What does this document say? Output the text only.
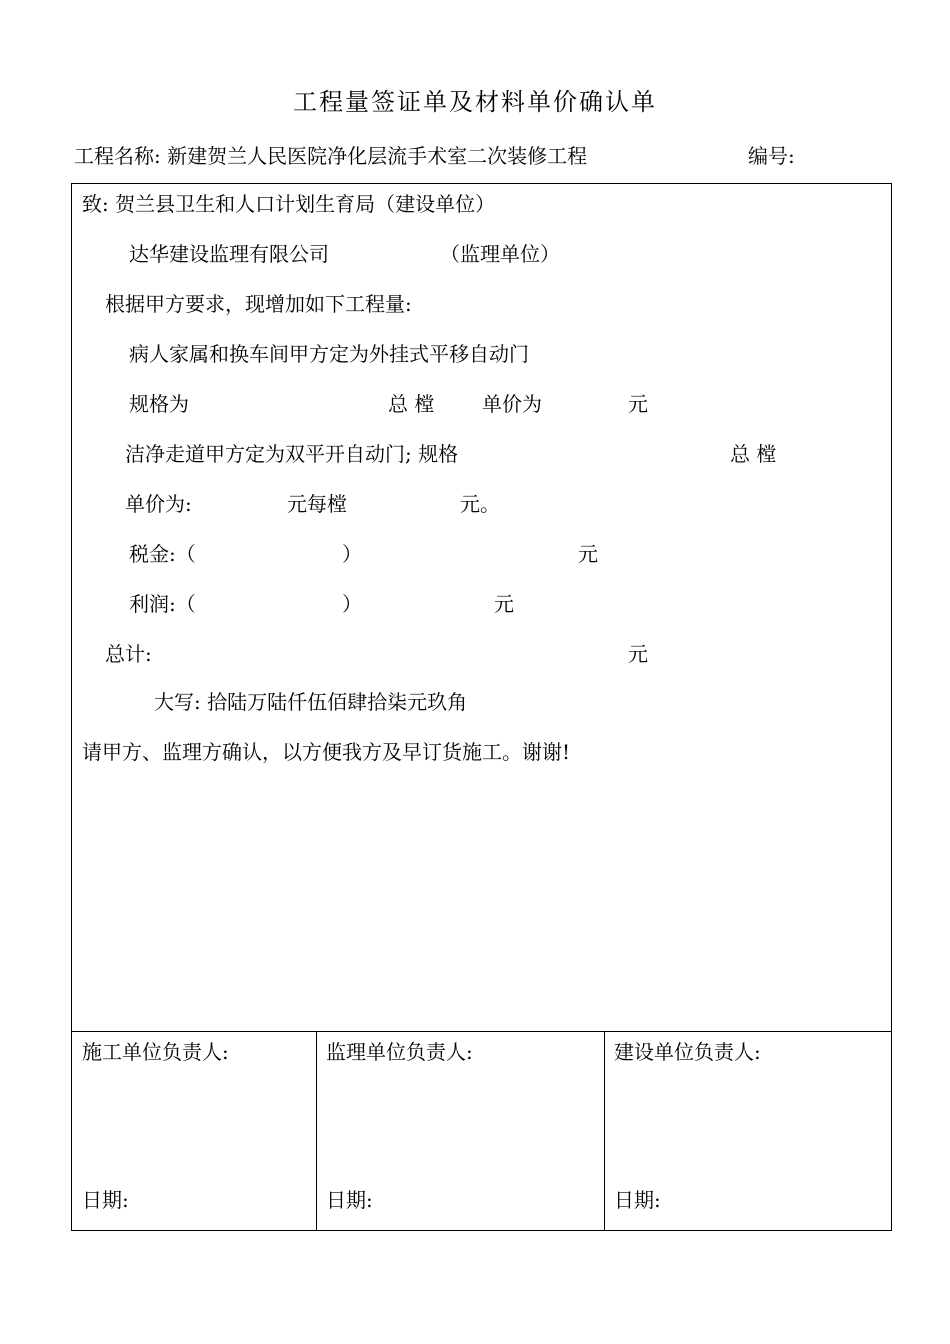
工程量签证单及材料单价确认单
工程名称: 新建贺兰人民医院净化层流手术室二次装修工程	编号:
致: 贺兰县卫生和人口计划生育局（建设单位）
达华建设监理有限公司	（监理单位）
根据甲方要求，现增加如下工程量:
病人家属和换车间甲方定为外挂式平移自动门
规格为	总 樘 单价为	元
洁净走道甲方定为双平开自动门; 规格	总 樘
单价为:	元每樘	元。
税金:（	）	元
利润:（	）	元
总计:	元
大写: 拾陆万陆仟伍佰肆拾柒元玖角
请甲方、监理方确认，以方便我方及早订货施工。谢谢!
施工单位负责人:	监理单位负责人:	建设单位负责人:
日期:	日期:	日期:
